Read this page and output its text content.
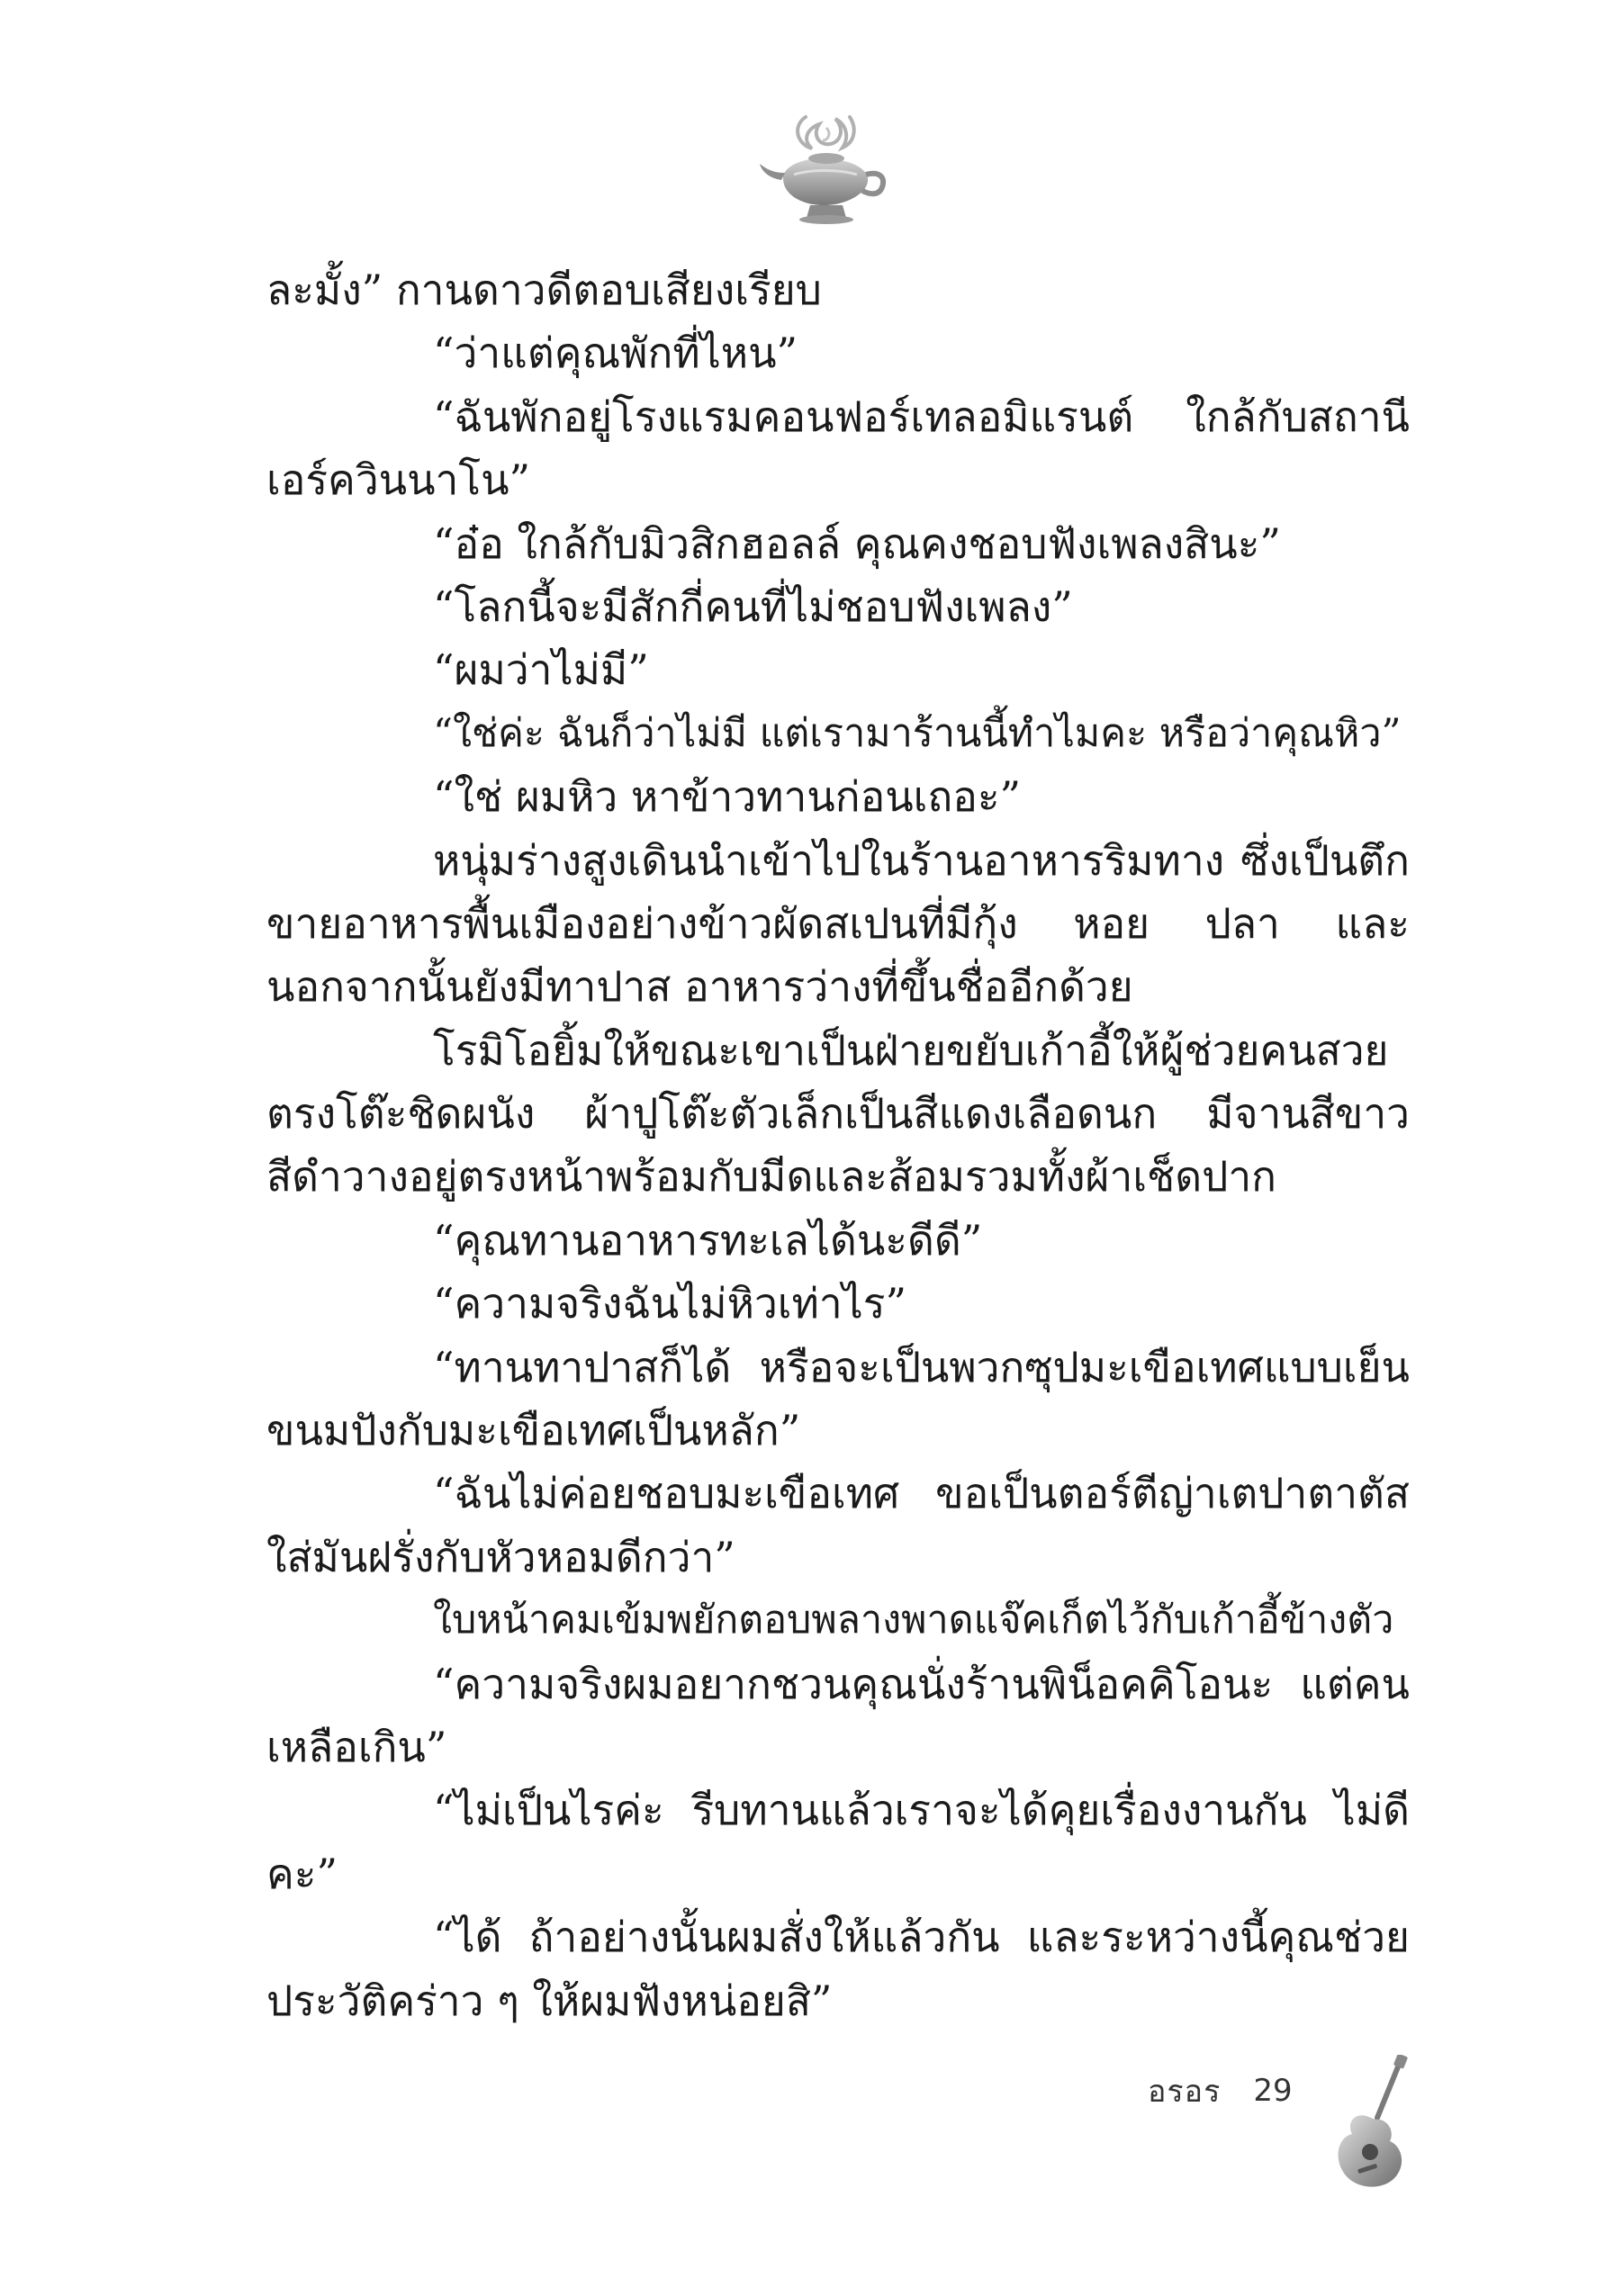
ละมั้ง” กานดาวดีตอบเสียงเรียบ
“ว่าแต่คุณพักที่ไหน”
“ฉันพักอยู่โรงแรมคอนฟอร์เทลอมิแรนต์ ใกล้กับสถานี
เอร์ควินนาโน”
“อ๋อ ใกล้กับมิวสิกฮอลล์ คุณคงชอบฟังเพลงสินะ”
“โลกนี้จะมีสักกี่คนที่ไม่ชอบฟังเพลง”
“ผมว่าไม่มี”
“ใช่ค่ะ ฉันก็ว่าไม่มี แต่เรามาร้านนี้ทำไมคะ หรือว่าคุณหิว”
“ใช่ ผมหิว หาข้าวทานก่อนเถอะ”
หนุ่มร่างสูงเดินนำเข้าไปในร้านอาหารริมทาง ซึ่งเป็นตึก
ขายอาหารพื้นเมืองอย่างข้าวผัดสเปนที่มีกุ้ง หอย ปลา และ
นอกจากนั้นยังมีทาปาส อาหารว่างที่ขึ้นชื่ออีกด้วย
โรมิโอยิ้มให้ขณะเขาเป็นฝ่ายขยับเก้าอี้ให้ผู้ช่วยคนสวย
ตรงโต๊ะชิดผนัง ผ้าปูโต๊ะตัวเล็กเป็นสีแดงเลือดนก มีจานสีขาว
สีดำวางอยู่ตรงหน้าพร้อมกับมีดและส้อมรวมทั้งผ้าเช็ดปาก
“คุณทานอาหารทะเลได้นะดีดี”
“ความจริงฉันไม่หิวเท่าไร”
“ทานทาปาสก็ได้ หรือจะเป็นพวกซุปมะเขือเทศแบบเย็น
ขนมปังกับมะเขือเทศเป็นหลัก”
“ฉันไม่ค่อยชอบมะเขือเทศ ขอเป็นตอร์ตีญ่าเตปาตาตัส
ใส่มันฝรั่งกับหัวหอมดีกว่า”
ใบหน้าคมเข้มพยักตอบพลางพาดแจ๊คเก็ตไว้กับเก้าอี้ข้างตัว
“ความจริงผมอยากชวนคุณนั่งร้านพิน็อคคิโอนะ แต่คน
เหลือเกิน”
“ไม่เป็นไรค่ะ รีบทานแล้วเราจะได้คุยเรื่องงานกัน ไม่ดี
คะ”
“ได้ ถ้าอย่างนั้นผมสั่งให้แล้วกัน และระหว่างนี้คุณช่วย
ประวัติคร่าว ๆ ให้ผมฟังหน่อยสิ”
อรอร 29
